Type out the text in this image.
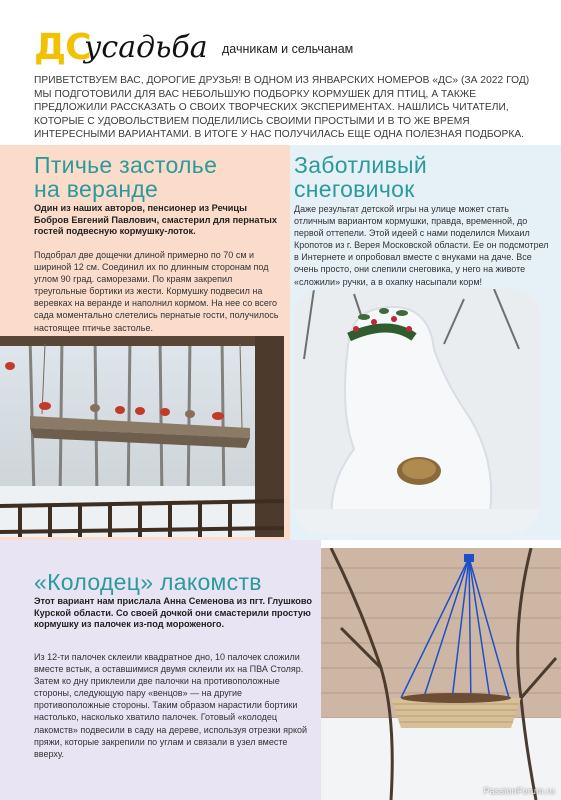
ДС
усадьба дачникам и сельчанам
ПРИВЕТСТВУЕМ ВАС, ДОРОГИЕ ДРУЗЬЯ! В ОДНОМ ИЗ ЯНВАРСКИХ НОМЕРОВ «ДС» (ЗА 2022 ГОД) МЫ ПОДГОТОВИЛИ ДЛЯ ВАС НЕБОЛЬШУЮ ПОДБОРКУ КОРМУШЕК ДЛЯ ПТИЦ, А ТАКЖЕ ПРЕДЛОЖИЛИ РАССКАЗАТЬ О СВОИХ ТВОРЧЕСКИХ ЭКСПЕРИМЕНТАХ. НАШЛИСЬ ЧИТАТЕЛИ, КОТОРЫЕ С УДОВОЛЬСТВИЕМ ПОДЕЛИЛИСЬ СВОИМИ ПРОСТЫМИ И В ТО ЖЕ ВРЕМЯ ИНТЕРЕСНЫМИ ВАРИАНТАМИ. В ИТОГЕ У НАС ПОЛУЧИЛАСЬ ЕЩЕ ОДНА ПОЛЕЗНАЯ ПОДБОРКА.
Птичье застолье
на веранде
Один из наших авторов, пенсионер из Речицы Бобров Евгений Павлович, смастерил для пернатых гостей подвесную кормушку-лоток.
Подобрал две дощечки длиной примерно по 70 см и шириной 12 см. Соединил их по длинным сторонам под углом 90 град. саморезами. По краям закрепил треугольные бортики из жести. Кормушку подвесил на веревках на веранде и наполнил кормом. На нее со всего сада моментально слетелись пернатые гости, получилось настоящее птичье застолье.
Заботливый
снеговичок
Даже результат детской игры на улице может стать отличным вариантом кормушки, правда, временной, до первой оттепели. Этой идеей с нами поделился Михаил Кропотов из г. Верея Московской области. Ее он подсмотрел в Интернете и опробовал вместе с внуками на даче. Все очень просто, они слепили снеговика, у него на животе «сложили» ручки, а в охапку насыпали корм!
«Колодец» лакомств
Этот вариант нам прислала Анна Семенова из пгт. Глушково Курской области. Со своей дочкой они смастерили простую кормушку из палочек из-под мороженого.
Из 12-ти палочек склеили квадратное дно, 10 палочек сложили вместе встык, а оставшимися двумя склеили их на ПВА Столяр. Затем ко дну приклеили две палочки на противоположные стороны, следующую пару «венцов» — на другие противоположные стороны. Таким образом нарастили бортики настолько, насколько хватило палочек. Готовый «колодец лакомств» подвесили в саду на дереве, используя отрезки яркой пряжи, которые закрепили по углам и связали в узел вместе вверху.
PassionForum.ru
